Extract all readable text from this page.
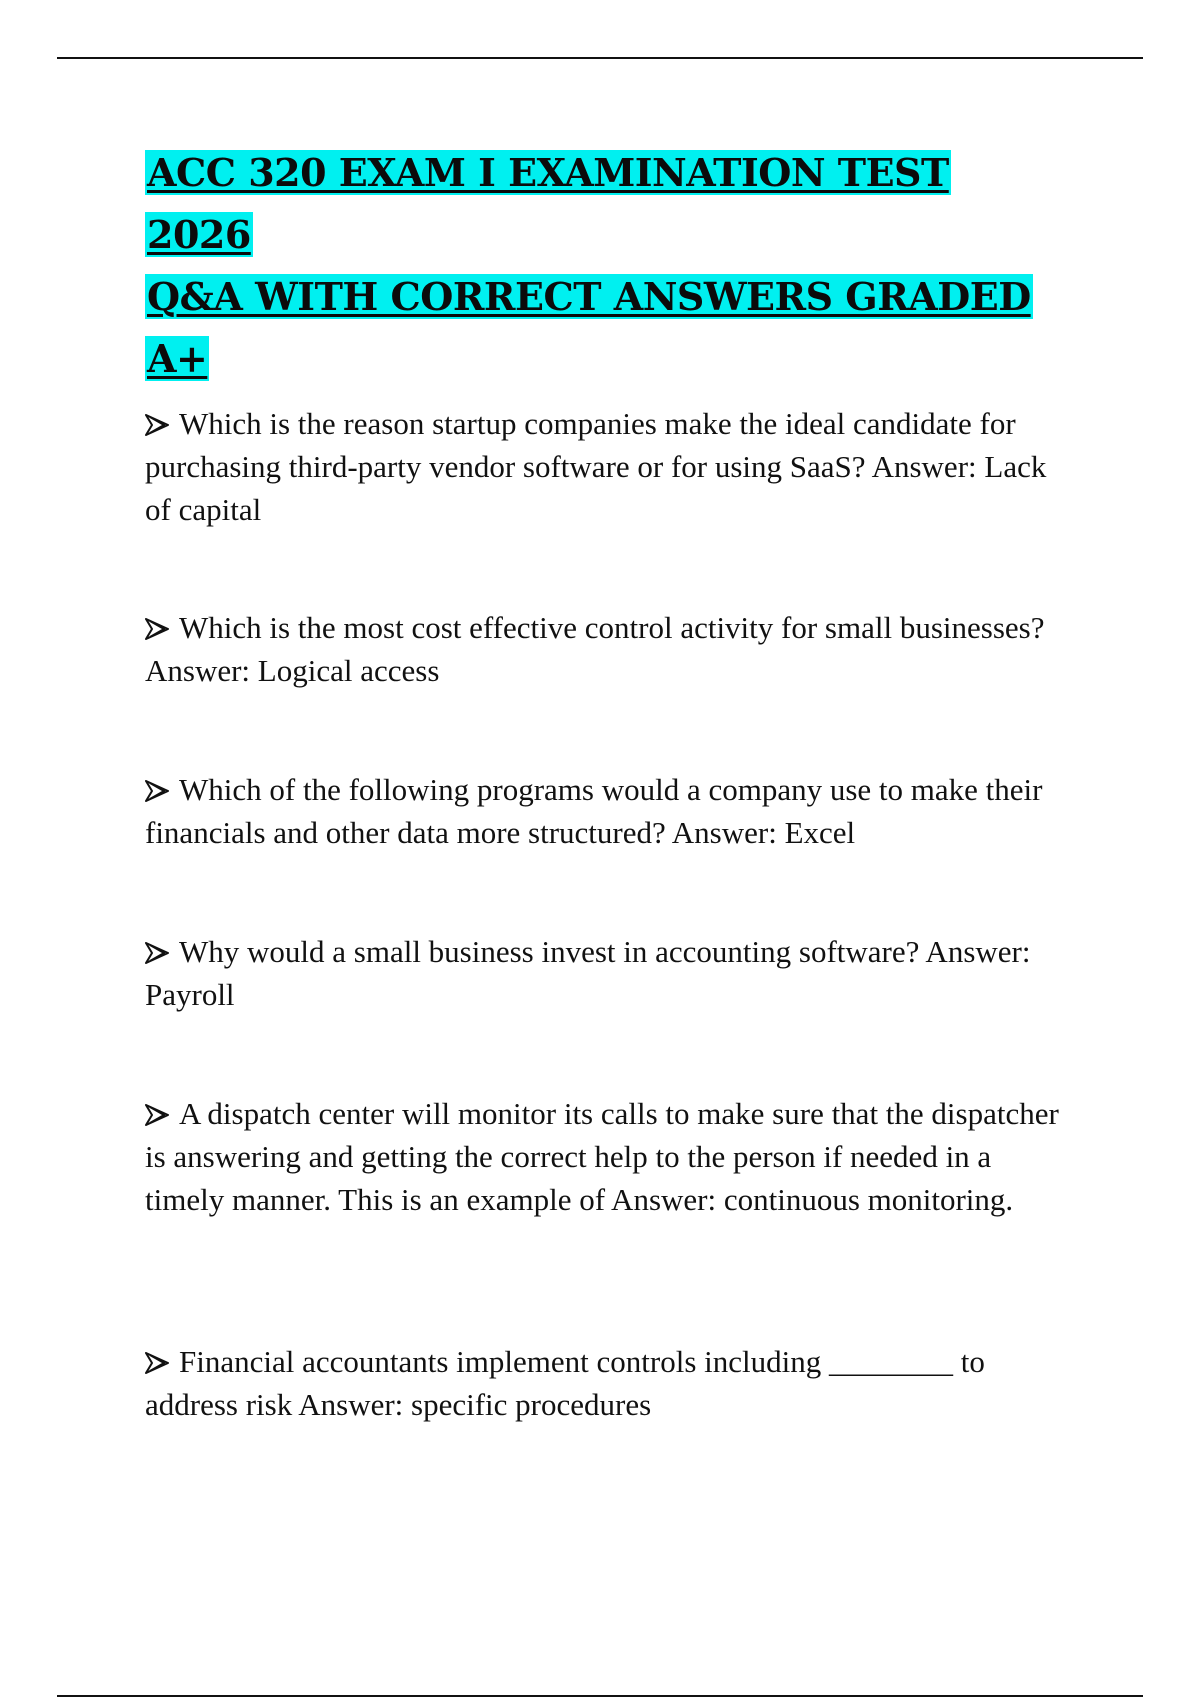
ACC 320 EXAM I EXAMINATION TEST 2026
Q&A WITH CORRECT ANSWERS GRADED A+

Which is the reason startup companies make the ideal candidate for purchasing third-party vendor software or for using SaaS? Answer: Lack of capital

Which is the most cost effective control activity for small businesses? Answer: Logical access

Which of the following programs would a company use to make their financials and other data more structured? Answer: Excel

Why would a small business invest in accounting software? Answer: Payroll

A dispatch center will monitor its calls to make sure that the dispatcher is answering and getting the correct help to the person if needed in a timely manner. This is an example of Answer: continuous monitoring.

Financial accountants implement controls including ________ to address risk Answer: specific procedures
